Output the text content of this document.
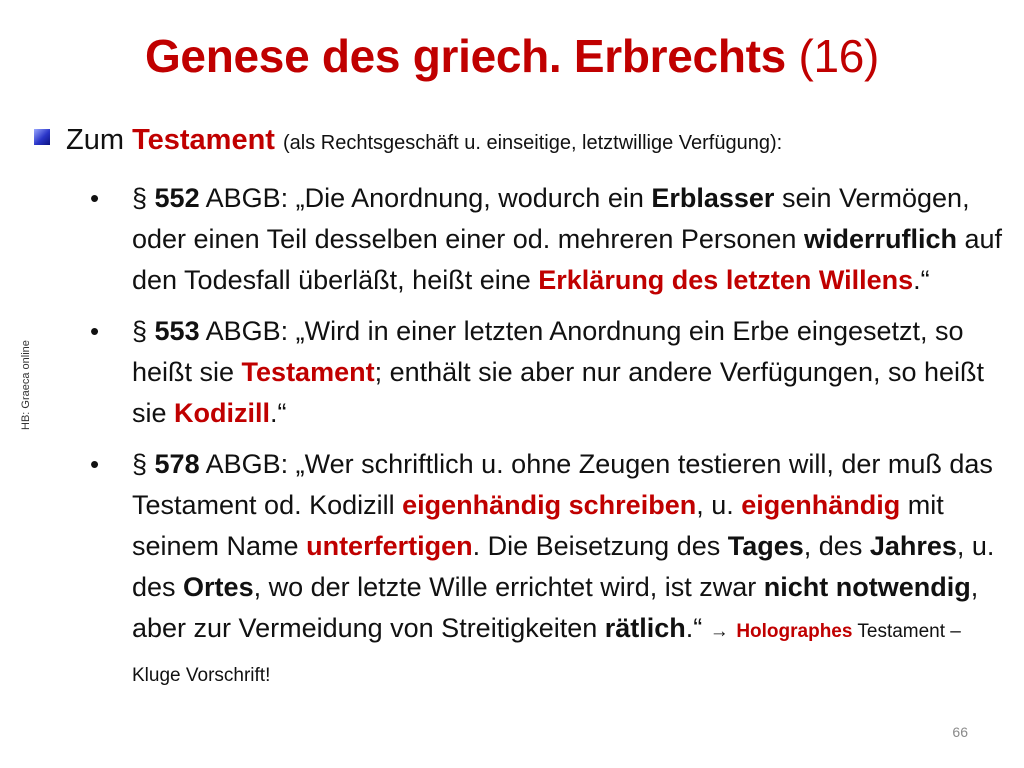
Genese des griech. Erbrechts (16)
HB: Graeca online
Zum Testament (als Rechtsgeschäft u. einseitige, letztwillige Verfügung):
• § 552 ABGB: „Die Anordnung, wodurch ein Erblasser sein Vermögen, oder einen Teil desselben einer od. mehreren Personen widerruflich auf den Todesfall überläßt, heißt eine Erklärung des letzten Willens.“
• § 553 ABGB: „Wird in einer letzten Anordnung ein Erbe eingesetzt, so heißt sie Testament; enthält sie aber nur andere Verfügungen, so heißt sie Kodizill.“
• § 578 ABGB: „Wer schriftlich u. ohne Zeugen testieren will, der muß das Testament od. Kodizill eigenhändig schreiben, u. eigenhändig mit seinem Name unterfertigen. Die Beisetzung des Tages, des Jahres, u. des Ortes, wo der letzte Wille errichtet wird, ist zwar nicht notwendig, aber zur Vermeidung von Streitigkeiten rätlich.“ → Holographes Testament – Kluge Vorschrift!
66
